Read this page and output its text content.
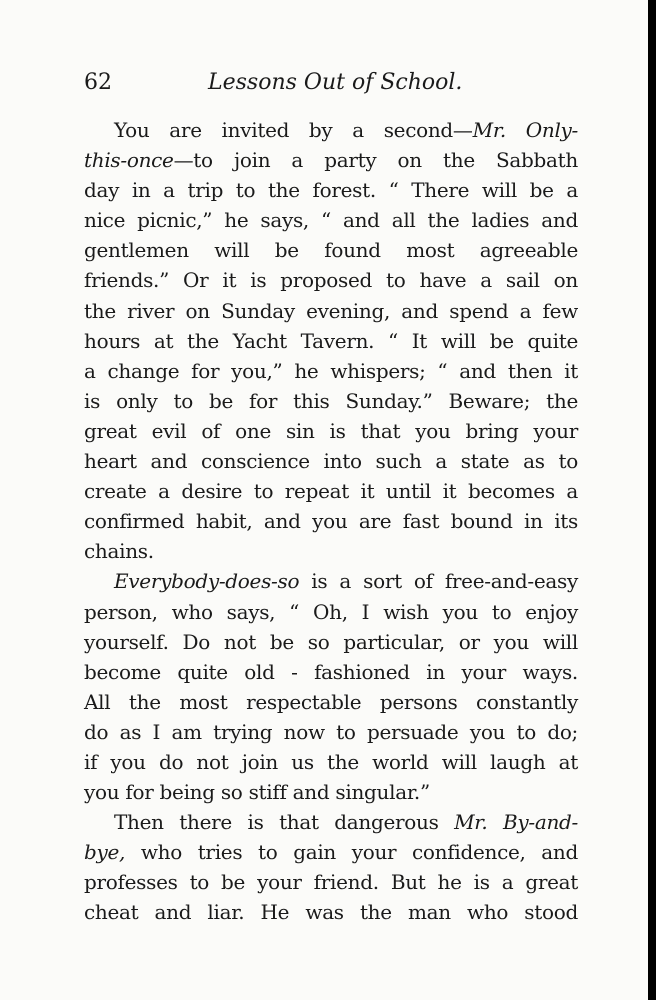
62	Lessons Out of School.
You are invited by a second—Mr. Only-
this-once—to join a party on the Sabbath
day in a trip to the forest. “ There will be a
nice picnic,” he says, “ and all the ladies and
gentlemen will be found most agreeable
friends.” Or it is proposed to have a sail on
the river on Sunday evening, and spend a few
hours at the Yacht Tavern. “ It will be quite
a change for you,” he whispers; “ and then it
is only to be for this Sunday.” Beware; the
great evil of one sin is that you bring your
heart and conscience into such a state as to
create a desire to repeat it until it becomes a
confirmed habit, and you are fast bound in its
chains.
Everybody-does-so is a sort of free-and-easy
person, who says, “ Oh, I wish you to enjoy
yourself. Do not be so particular, or you will
become quite old - fashioned in your ways.
All the most respectable persons constantly
do as I am trying now to persuade you to do;
if you do not join us the world will laugh at
you for being so stiff and singular.”
Then there is that dangerous Mr. By-and-
bye, who tries to gain your confidence, and
professes to be your friend. But he is a great
cheat and liar. He was the man who stood
